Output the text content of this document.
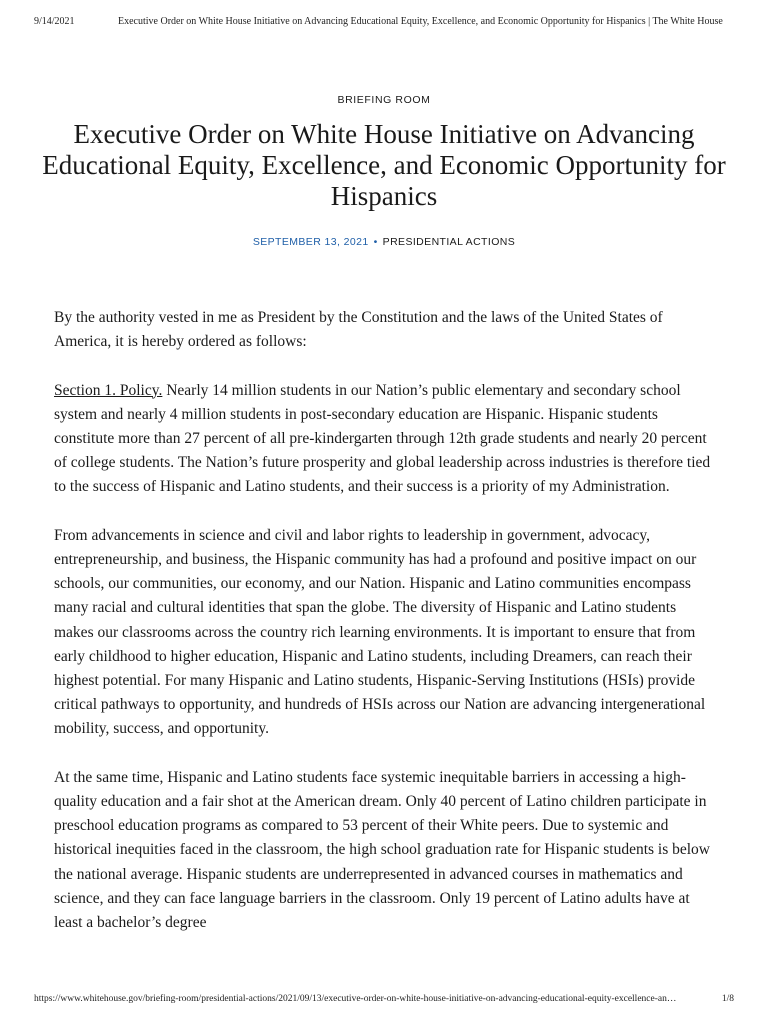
9/14/2021	Executive Order on White House Initiative on Advancing Educational Equity, Excellence, and Economic Opportunity for Hispanics | The White House
BRIEFING ROOM
Executive Order on White House Initiative on Advancing Educational Equity, Excellence, and Economic Opportunity for Hispanics
SEPTEMBER 13, 2021 • PRESIDENTIAL ACTIONS

By the authority vested in me as President by the Constitution and the laws of the United States of America, it is hereby ordered as follows:

Section 1. Policy. Nearly 14 million students in our Nation’s public elementary and secondary school system and nearly 4 million students in post-secondary education are Hispanic. Hispanic students constitute more than 27 percent of all pre-kindergarten through 12th grade students and nearly 20 percent of college students. The Nation’s future prosperity and global leadership across industries is therefore tied to the success of Hispanic and Latino students, and their success is a priority of my Administration.

From advancements in science and civil and labor rights to leadership in government, advocacy, entrepreneurship, and business, the Hispanic community has had a profound and positive impact on our schools, our communities, our economy, and our Nation. Hispanic and Latino communities encompass many racial and cultural identities that span the globe. The diversity of Hispanic and Latino students makes our classrooms across the country rich learning environments. It is important to ensure that from early childhood to higher education, Hispanic and Latino students, including Dreamers, can reach their highest potential. For many Hispanic and Latino students, Hispanic-Serving Institutions (HSIs) provide critical pathways to opportunity, and hundreds of HSIs across our Nation are advancing intergenerational mobility, success, and opportunity.

At the same time, Hispanic and Latino students face systemic inequitable barriers in accessing a high-quality education and a fair shot at the American dream. Only 40 percent of Latino children participate in preschool education programs as compared to 53 percent of their White peers. Due to systemic and historical inequities faced in the classroom, the high school graduation rate for Hispanic students is below the national average. Hispanic students are underrepresented in advanced courses in mathematics and science, and they can face language barriers in the classroom. Only 19 percent of Latino adults have at least a bachelor’s degree

https://www.whitehouse.gov/briefing-room/presidential-actions/2021/09/13/executive-order-on-white-house-initiative-on-advancing-educational-equity-excellence-an…	1/8
